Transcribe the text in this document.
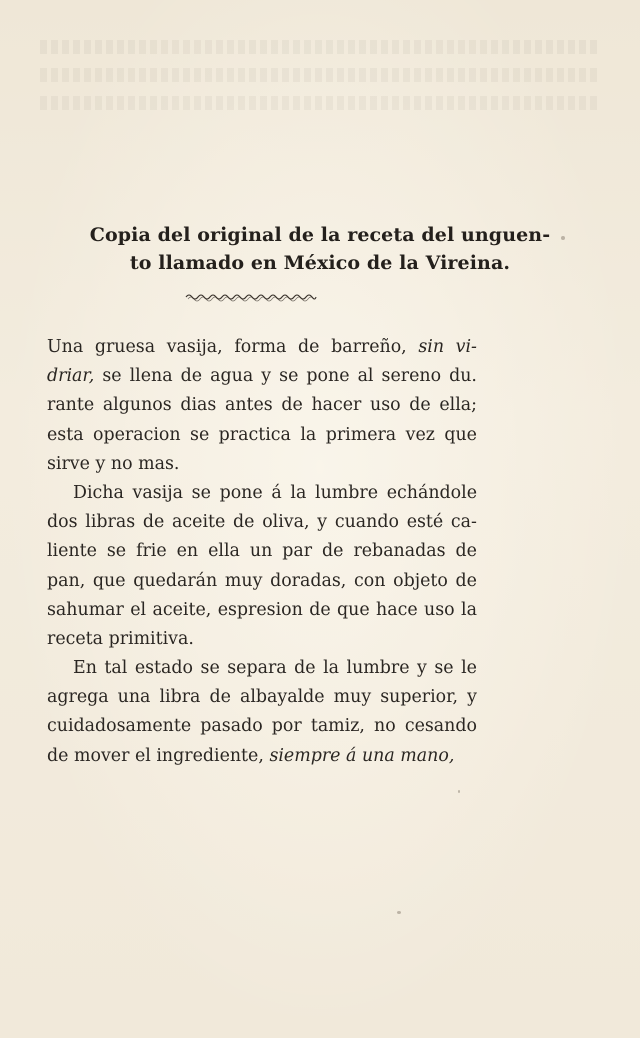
Copia del original de la receta del unguen-
to llamado en México de la Vireina.
Una gruesa vasija, forma de barreño, sin vi-
driar, se llena de agua y se pone al sereno du.
rante algunos dias antes de hacer uso de ella;
esta operacion se practica la primera vez que
sirve y no mas.
Dicha vasija se pone á la lumbre echándole
dos libras de aceite de oliva, y cuando esté ca-
liente se frie en ella un par de rebanadas de
pan, que quedarán muy doradas, con objeto de
sahumar el aceite, espresion de que hace uso la
receta primitiva.
En tal estado se separa de la lumbre y se le
agrega una libra de albayalde muy superior, y
cuidadosamente pasado por tamiz, no cesando
de mover el ingrediente, siempre á una mano,
